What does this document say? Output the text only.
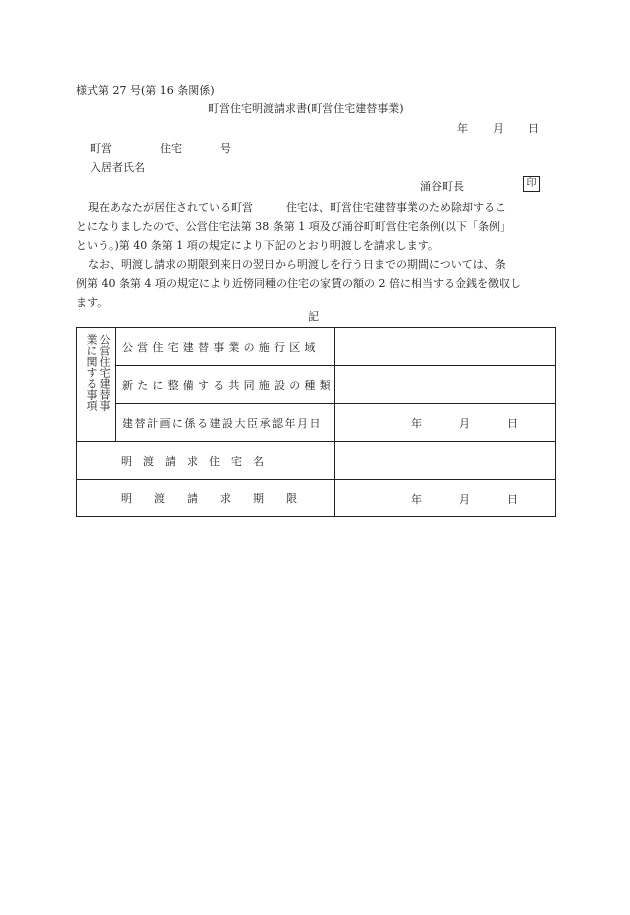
様式第 27 号(第 16 条関係)
町営住宅明渡請求書(町営住宅建替事業)
年 月 日
町営	住宅	号
入居者氏名
涌谷町長	印
現在あなたが居住されている町営　　　住宅は、町営住宅建替事業のため除却するこ
とになりましたので、公営住宅法第 38 条第 1 項及び涌谷町町営住宅条例(以下「条例」
という。)第 40 条第 1 項の規定により下記のとおり明渡しを請求します。
なお、明渡し請求の期限到来日の翌日から明渡しを行う日までの期間については、条
例第 40 条第 4 項の規定により近傍同種の住宅の家賃の額の 2 倍に相当する金銭を徴収し
ます。
記
公営住宅建替事業に関する事項	公営住宅建替事業の施行区域	
	新たに整備する共同施設の種類	
	建替計画に係る建設大臣承認年月日	年 月 日

明　渡　請　求　住　宅　名		
明　　渡　　請　　求　　期　　限		年 月 日
